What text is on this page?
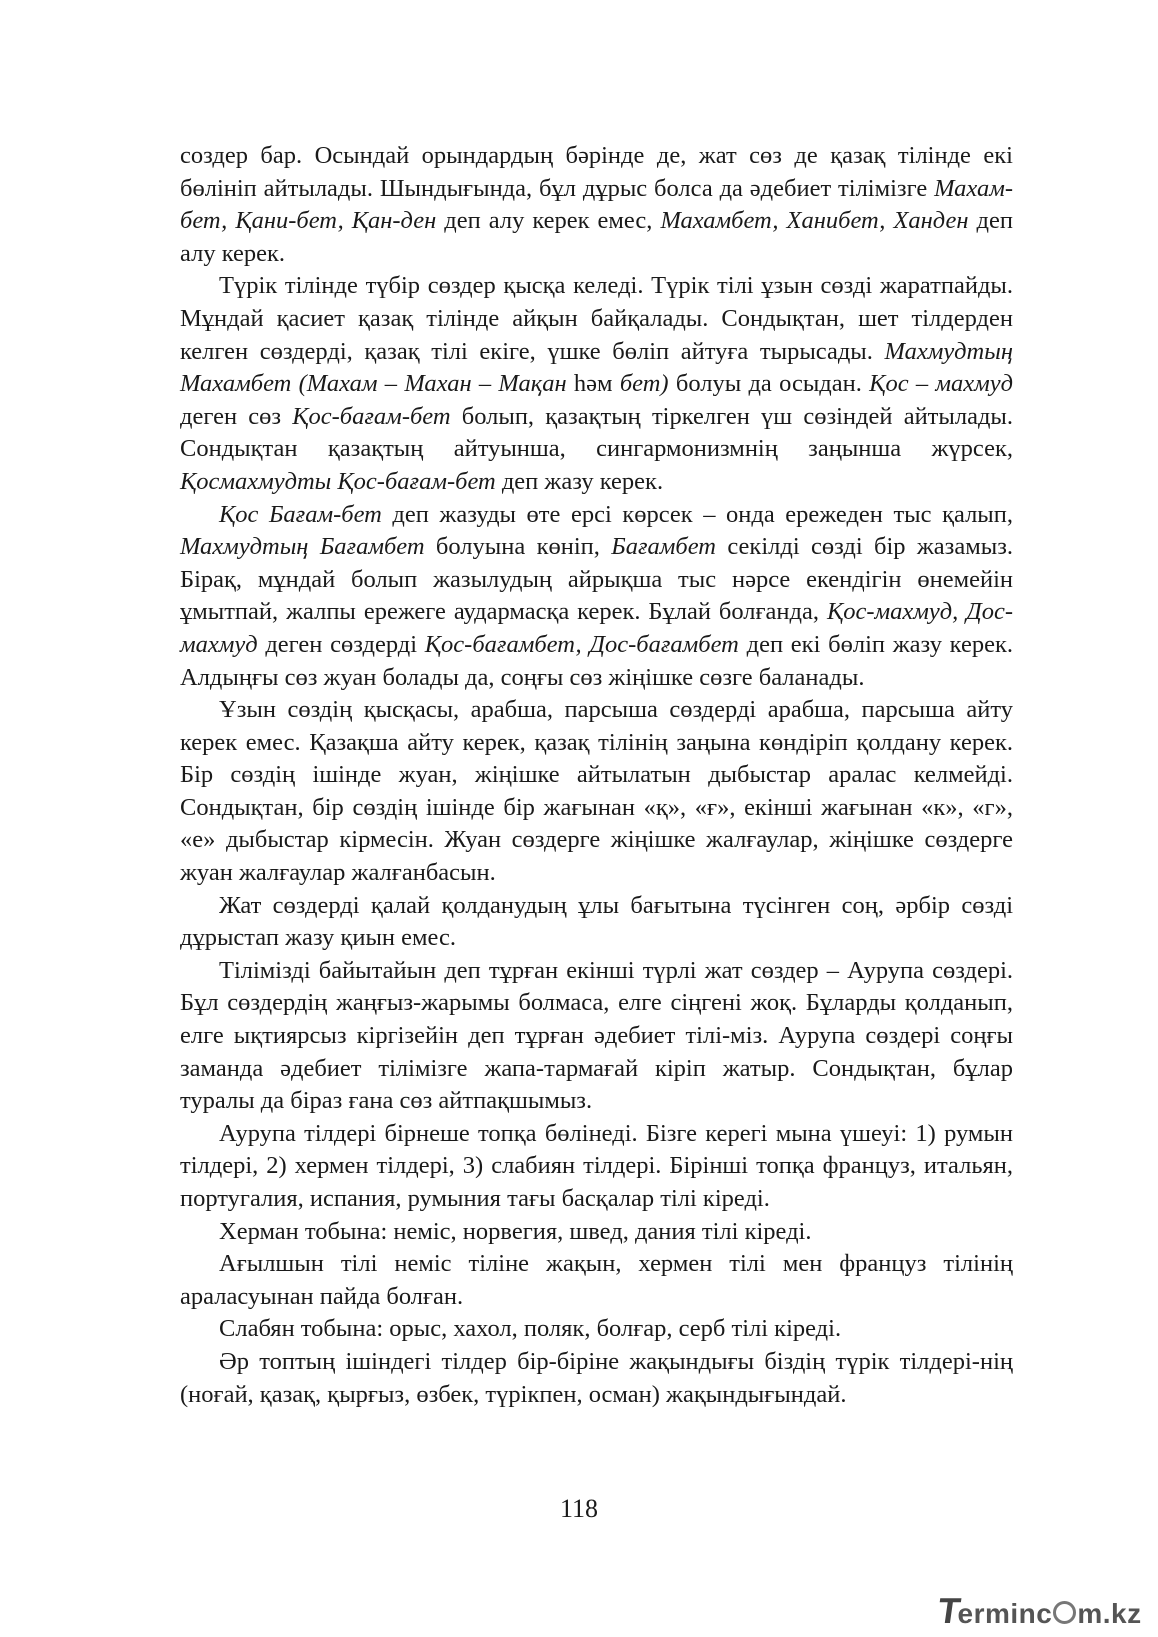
создер бар. Осындай орындардың бәрінде де, жат сөз де қазақ тілінде екі бөлініп айтылады. Шындығында, бұл дұрыс болса да әдебиет тілімізге Махам-бет, Қани-бет, Қан-ден деп алу керек емес, Махамбет, Ханибет, Ханден деп алу керек.

Түрік тілінде түбір сөздер қысқа келеді. Түрік тілі ұзын сөзді жаратпайды. Мұндай қасиет қазақ тілінде айқын байқалады. Сондықтан, шет тілдерден келген сөздерді, қазақ тілі екіге, үшке бөліп айтуға тырысады. Махмудтың Махамбет (Махам – Махан – Мақан һәм бет) болуы да осыдан. Қос – махмуд деген сөз Қос-бағам-бет болып, қазақтың тіркелген үш сөзіндей айтылады. Сондықтан қазақтың айтуынша, сингармонизмнің заңынша жүрсек, Қосмахмудты Қос-бағам-бет деп жазу керек.

Қос Бағам-бет деп жазуды өте ерсі көрсек – онда ережеден тыс қалып, Махмудтың Бағамбет болуына көніп, Бағамбет секілді сөзді бір жазамыз. Бірақ, мұндай болып жазылудың айрықша тыс нәрсе екендігін өнемейін ұмытпай, жалпы ережеге аудармасқа керек. Бұлай болғанда, Қос-махмуд, Дос-махмуд деген сөздерді Қос-бағамбет, Дос-бағамбет деп екі бөліп жазу керек. Алдыңғы сөз жуан болады да, соңғы сөз жіңішке сөзге баланады.

Ұзын сөздің қысқасы, арабша, парсыша сөздерді арабша, парсыша айту керек емес. Қазақша айту керек, қазақ тілінің заңына көндіріп қолдану керек. Бір сөздің ішінде жуан, жіңішке айтылатын дыбыстар аралас келмейді. Сондықтан, бір сөздің ішінде бір жағынан «қ», «ғ», екінші жағынан «к», «г», «е» дыбыстар кірмесін. Жуан сөздерге жіңішке жалғаулар, жіңішке сөздерге жуан жалғаулар жалғанбасын.

Жат сөздерді қалай қолданудың ұлы бағытына түсінген соң, әрбір сөзді дұрыстап жазу қиын емес.

Тілімізді байытайын деп тұрған екінші түрлі жат сөздер – Аурупа сөздері. Бұл сөздердің жаңғыз-жарымы болмаса, елге сіңгені жоқ. Бұларды қолданып, елге ықтиярсыз кіргізейін деп тұрған әдебиет тілі-міз. Аурупа сөздері соңғы заманда әдебиет тілімізге жапа-тармағай кіріп жатыр. Сондықтан, бұлар туралы да біраз ғана сөз айтпақшымыз.

Аурупа тілдері бірнеше топқа бөлінеді. Бізге керегі мына үшеуі: 1) румын тілдері, 2) хермен тілдері, 3) слабиян тілдері. Бірінші топқа француз, итальян, португалия, испания, румыния тағы басқалар тілі кіреді.

Херман тобына: неміс, норвегия, швед, дания тілі кіреді.

Ағылшын тілі неміс тіліне жақын, хермен тілі мен француз тілінің араласуынан пайда болған.

Слабян тобына: орыс, хахол, поляк, болғар, серб тілі кіреді.

Әр топтың ішіндегі тілдер бір-біріне жақындығы біздің түрік тілдері-нің (ноғай, қазақ, қырғыз, өзбек, түрікпен, осман) жақындығындай.

118
Terminc m.kz
